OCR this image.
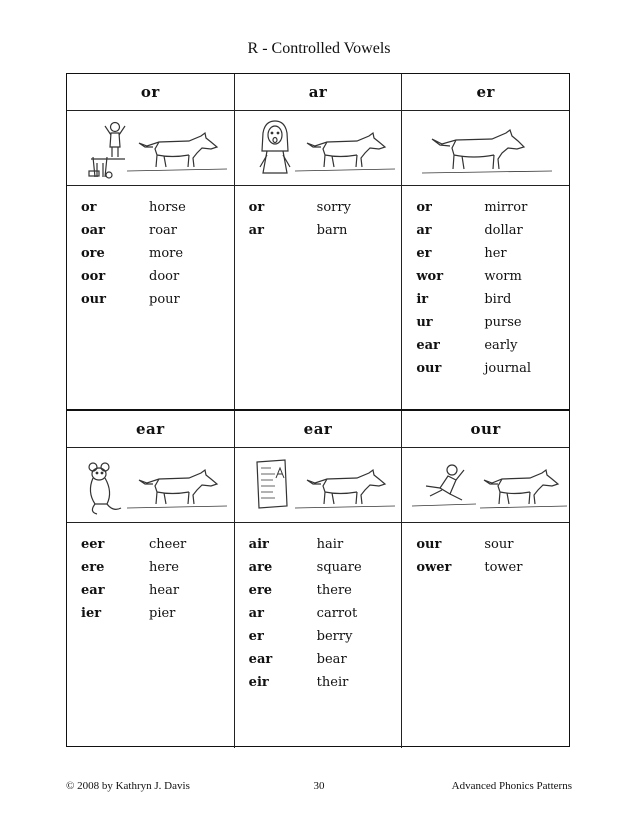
R - Controlled Vowels
or	ar	er
or	horse
oar	roar
ore	more
oor	door
our	pour
or	sorry
ar	barn
or	mirror
ar	dollar
er	her
wor	worm
ir	bird
ur	purse
ear	early
our	journal
ear	ear	our
eer	cheer
ere	here
ear	hear
ier	pier
air	hair
are	square
ere	there
ar	carrot
er	berry
ear	bear
eir	their
our	sour
ower	tower
© 2008 by Kathryn J. Davis	30	Advanced Phonics Patterns
